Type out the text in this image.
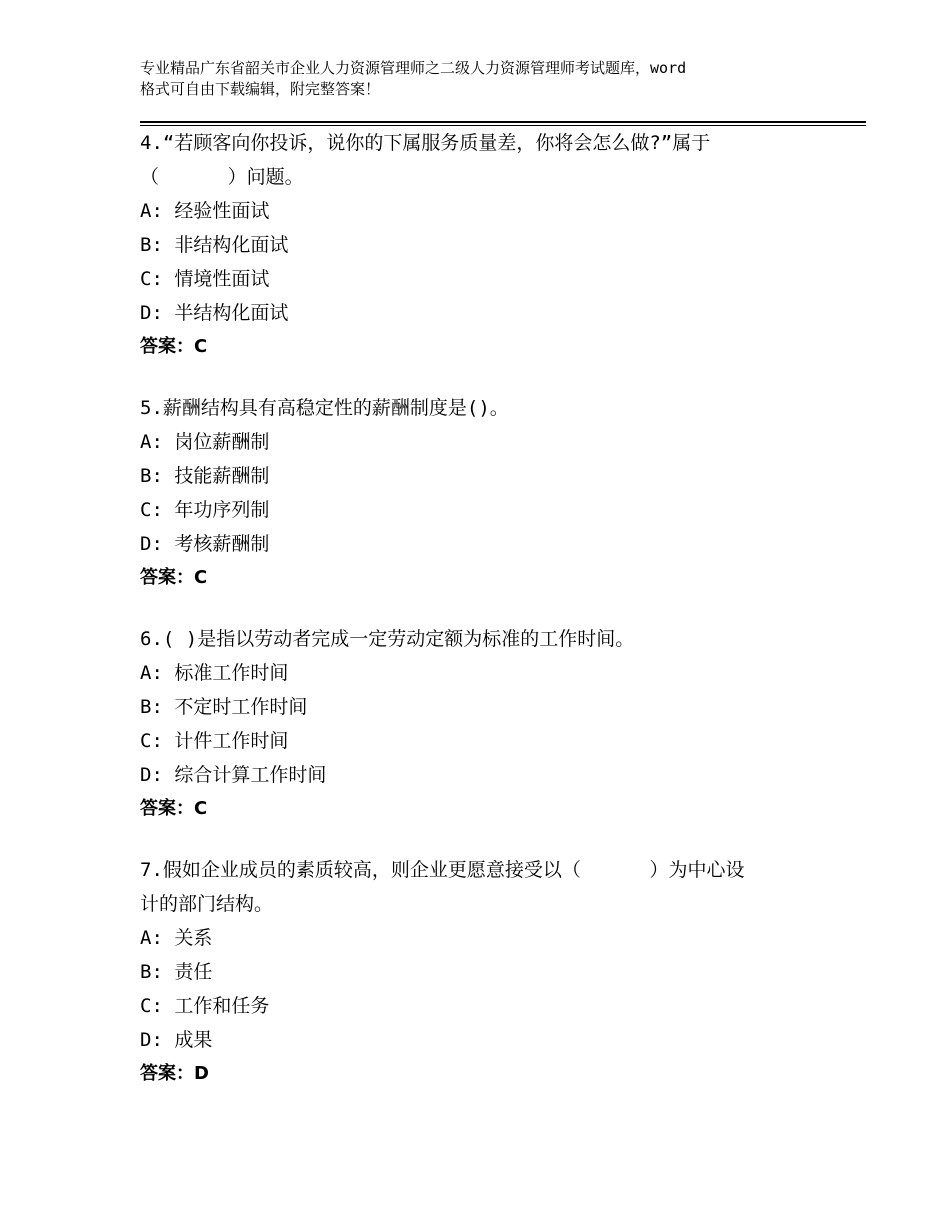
专业精品广东省韶关市企业人力资源管理师之二级人力资源管理师考试题库，word
格式可自由下载编辑，附完整答案！
4.“若顾客向你投诉，说你的下属服务质量差，你将会怎么做?”属于
（      ）问题。
A: 经验性面试
B: 非结构化面试
C: 情境性面试
D: 半结构化面试
答案：C
5.薪酬结构具有高稳定性的薪酬制度是()。
A: 岗位薪酬制
B: 技能薪酬制
C: 年功序列制
D: 考核薪酬制
答案：C
6.( )是指以劳动者完成一定劳动定额为标准的工作时间。
A: 标准工作时间
B: 不定时工作时间
C: 计件工作时间
D: 综合计算工作时间
答案：C
7.假如企业成员的素质较高，则企业更愿意接受以（      ）为中心设
计的部门结构。
A: 关系
B: 责任
C: 工作和任务
D: 成果
答案：D
